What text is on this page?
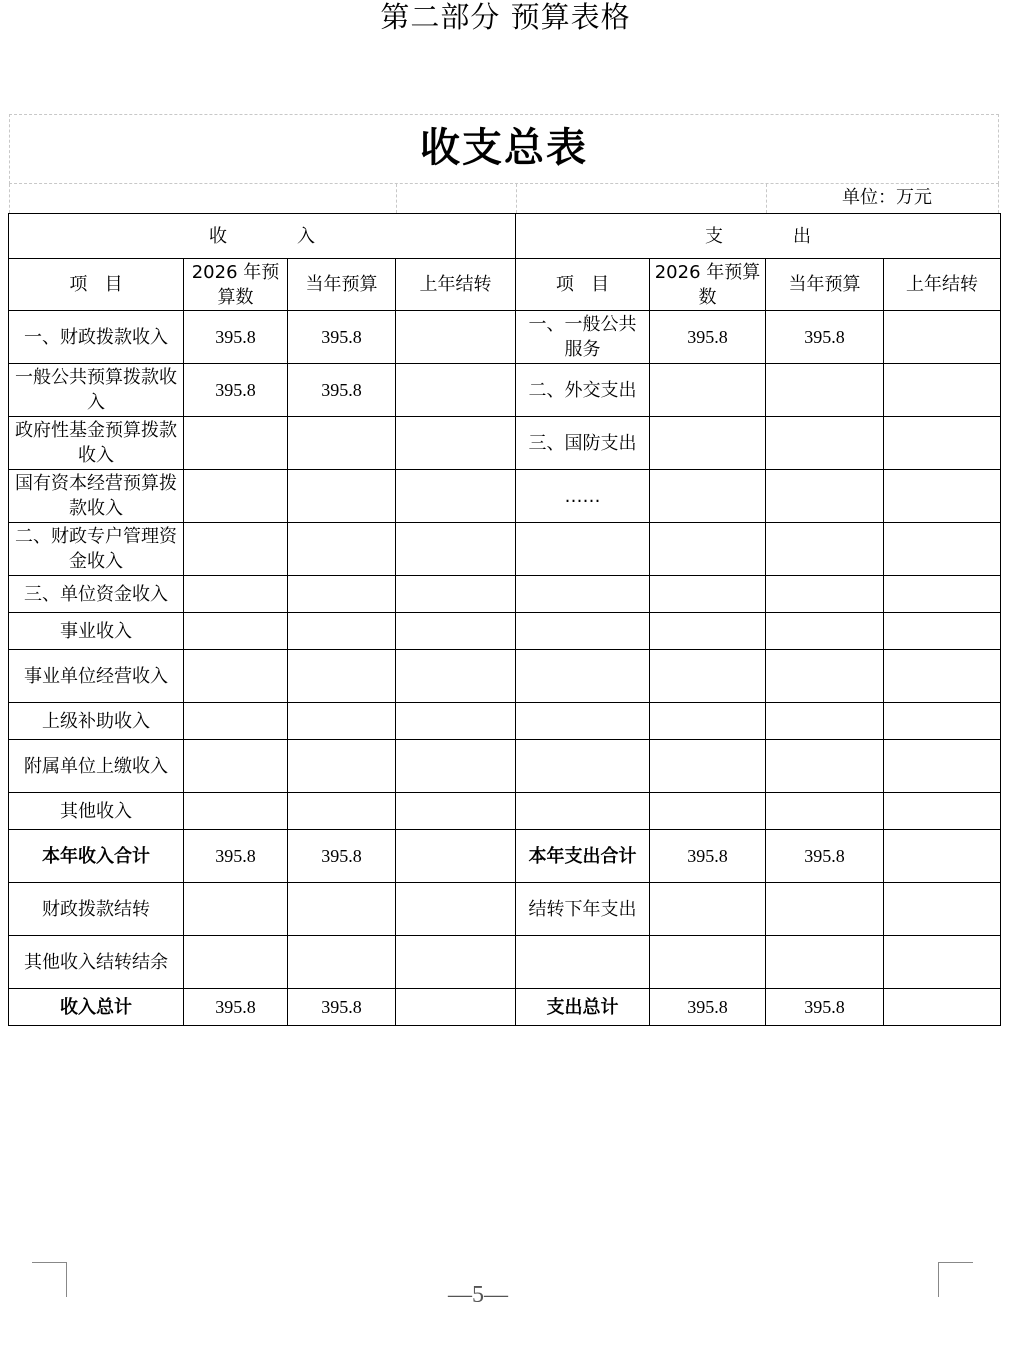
第二部分 预算表格
收支总表
单位：万元
收 入				支 出			
项   目	2026 年预算数	当年预算	上年结转	项   目	2026 年预算数	当年预算	上年结转
一、财政拨款收入	395.8	395.8		一、一般公共服务	395.8	395.8	
一般公共预算拨款收入	395.8	395.8		二、外交支出			
政府性基金预算拨款收入				三、国防支出			
国有资本经营预算拨款收入				……			
二、财政专户管理资金收入							
三、单位资金收入							
事业收入							
事业单位经营收入							
上级补助收入							
附属单位上缴收入							
其他收入							
本年收入合计	395.8	395.8		本年支出合计	395.8	395.8	
财政拨款结转				结转下年支出			
其他收入结转结余							
收入总计	395.8	395.8		支出总计	395.8	395.8	
—5—
